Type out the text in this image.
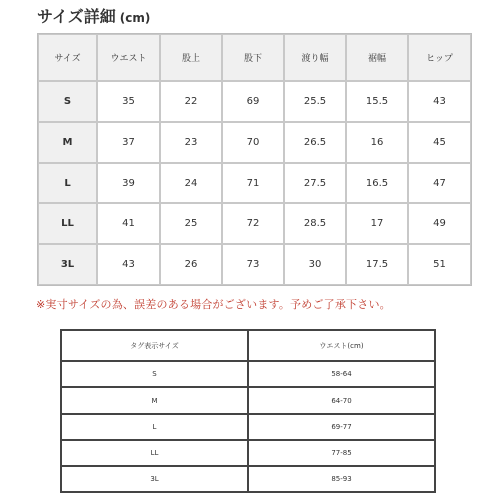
サイズ詳細 (cm)
サイズ	ウエスト	股上	股下	渡り幅	裾幅	ヒップ
S	35	22	69	25.5	15.5	43
M	37	23	70	26.5	16	45
L	39	24	71	27.5	16.5	47
LL	41	25	72	28.5	17	49
3L	43	26	73	30	17.5	51
※実寸サイズの為、誤差のある場合がございます。予めご了承下さい。
タグ表示サイズ	ウエスト(cm)
S	58-64
M	64-70
L	69-77
LL	77-85
3L	85-93
